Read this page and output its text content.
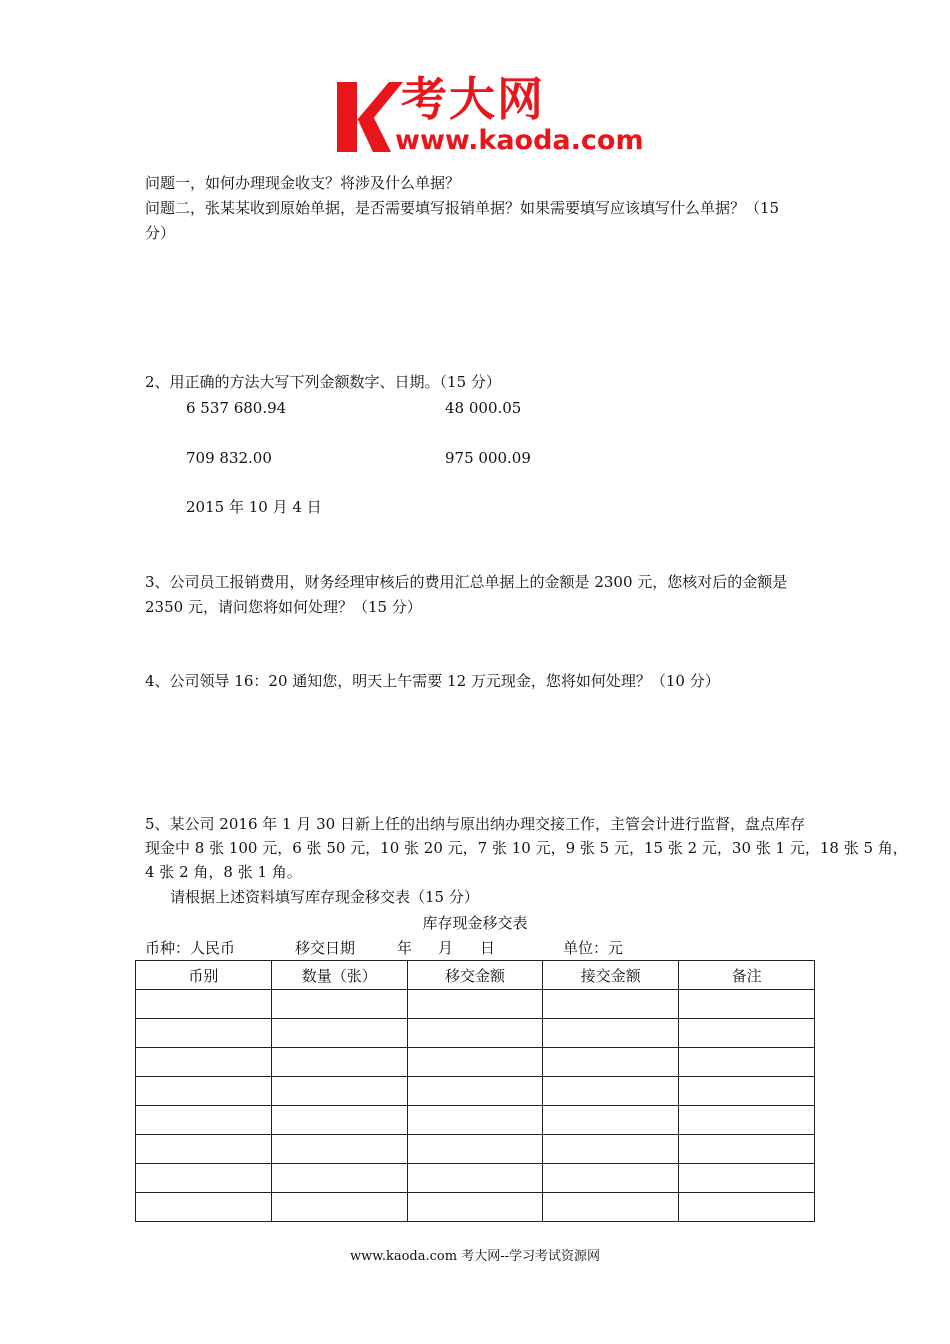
考大网
www.kaoda.com
问题一，如何办理现金收支？将涉及什么单据？
问题二，张某某收到原始单据，是否需要填写报销单据？如果需要填写应该填写什么单据？（15
分）
2、用正确的方法大写下列金额数字、日期。（15 分）
6 537 680.94	48 000.05
709 832.00	975 000.09
2015 年 10 月 4 日
3、公司员工报销费用，财务经理审核后的费用汇总单据上的金额是 2300 元，您核对后的金额是
2350 元，请问您将如何处理？（15 分）
4、公司领导 16：20 通知您，明天上午需要 12 万元现金，您将如何处理？（10 分）
5、某公司 2016 年 1 月 30 日新上任的出纳与原出纳办理交接工作，主管会计进行监督，盘点库存
现金中 8 张 100 元，6 张 50 元，10 张 20 元，7 张 10 元，9 张 5 元，15 张 2 元，30 张 1 元，18 张 5 角，
4 张 2 角，8 张 1 角。
请根据上述资料填写库存现金移交表（15 分）
库存现金移交表
币种：人民币	移交日期	年 月 日	单位：元
币别	数量（张）	移交金额	接交金额	备注

www.kaoda.com 考大网--学习考试资源网
